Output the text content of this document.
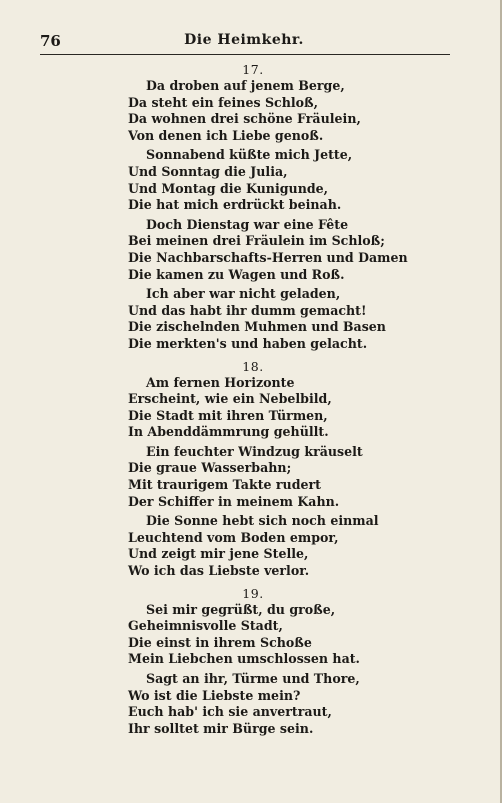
76	Die Heimkehr.
17.
Da droben auf jenem Berge,
Da steht ein feines Schloß,
Da wohnen drei schöne Fräulein,
Von denen ich Liebe genoß.
Sonnabend küßte mich Jette,
Und Sonntag die Julia,
Und Montag die Kunigunde,
Die hat mich erdrückt beinah.
Doch Dienstag war eine Fête
Bei meinen drei Fräulein im Schloß;
Die Nachbarschafts-Herren und Damen
Die kamen zu Wagen und Roß.
Ich aber war nicht geladen,
Und das habt ihr dumm gemacht!
Die zischelnden Muhmen und Basen
Die merkten's und haben gelacht.
18.
Am fernen Horizonte
Erscheint, wie ein Nebelbild,
Die Stadt mit ihren Türmen,
In Abenddämmrung gehüllt.
Ein feuchter Windzug kräuselt
Die graue Wasserbahn;
Mit traurigem Takte rudert
Der Schiffer in meinem Kahn.
Die Sonne hebt sich noch einmal
Leuchtend vom Boden empor,
Und zeigt mir jene Stelle,
Wo ich das Liebste verlor.
19.
Sei mir gegrüßt, du große,
Geheimnisvolle Stadt,
Die einst in ihrem Schoße
Mein Liebchen umschlossen hat.
Sagt an ihr, Türme und Thore,
Wo ist die Liebste mein?
Euch hab' ich sie anvertraut,
Ihr solltet mir Bürge sein.
